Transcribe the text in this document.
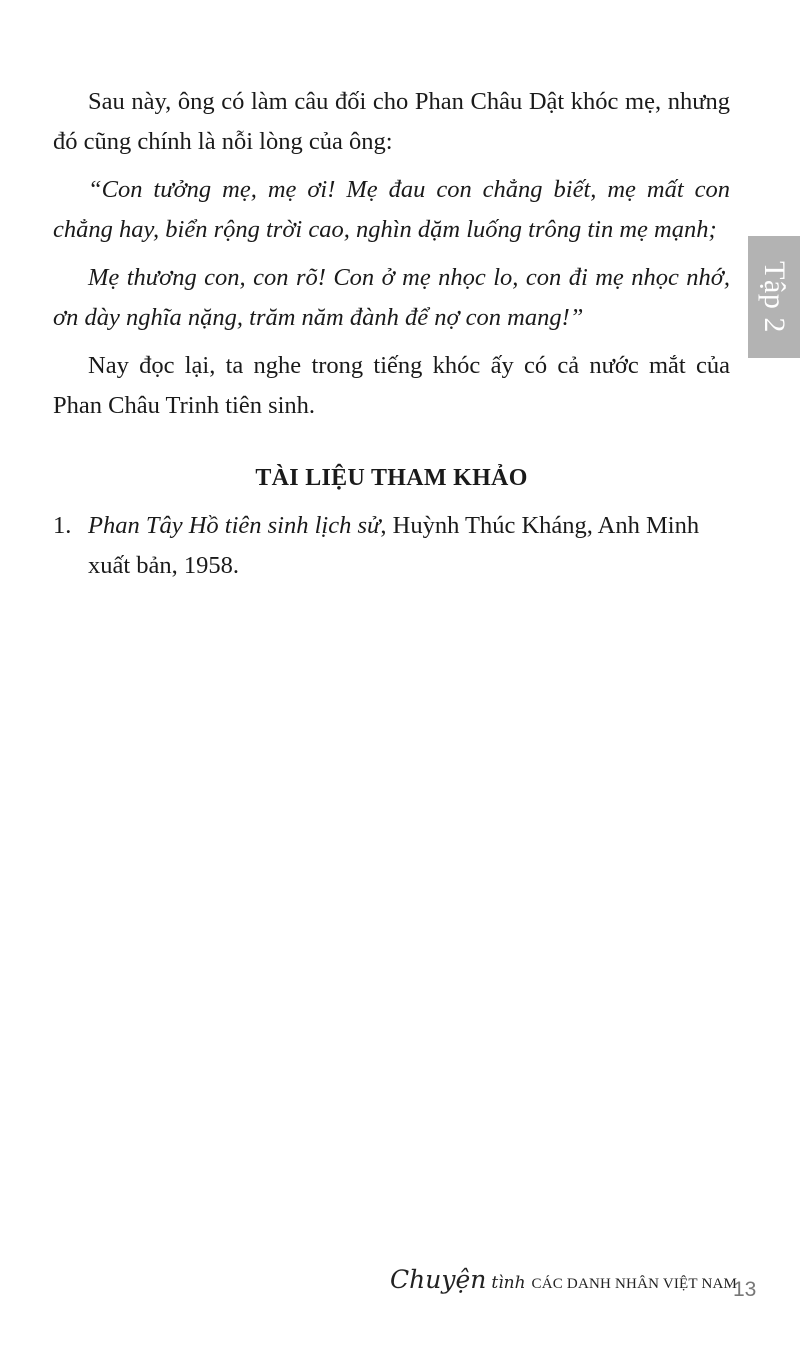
Sau này, ông có làm câu đối cho Phan Châu Dật khóc mẹ, nhưng đó cũng chính là nỗi lòng của ông:

“Con tưởng mẹ, mẹ ơi! Mẹ đau con chẳng biết, mẹ mất con chẳng hay, biển rộng trời cao, nghìn dặm luống trông tin mẹ mạnh;

Mẹ thương con, con rõ! Con ở mẹ nhọc lo, con đi mẹ nhọc nhớ, ơn dày nghĩa nặng, trăm năm đành để nợ con mang!”

Nay đọc lại, ta nghe trong tiếng khóc ấy có cả nước mắt của Phan Châu Trinh tiên sinh.

TÀI LIỆU THAM KHẢO
1. Phan Tây Hồ tiên sinh lịch sử, Huỳnh Thúc Kháng, Anh Minh xuất bản, 1958.
Tập 2
Chuyện tình CÁC DANH NHÂN VIỆT NAM
13
